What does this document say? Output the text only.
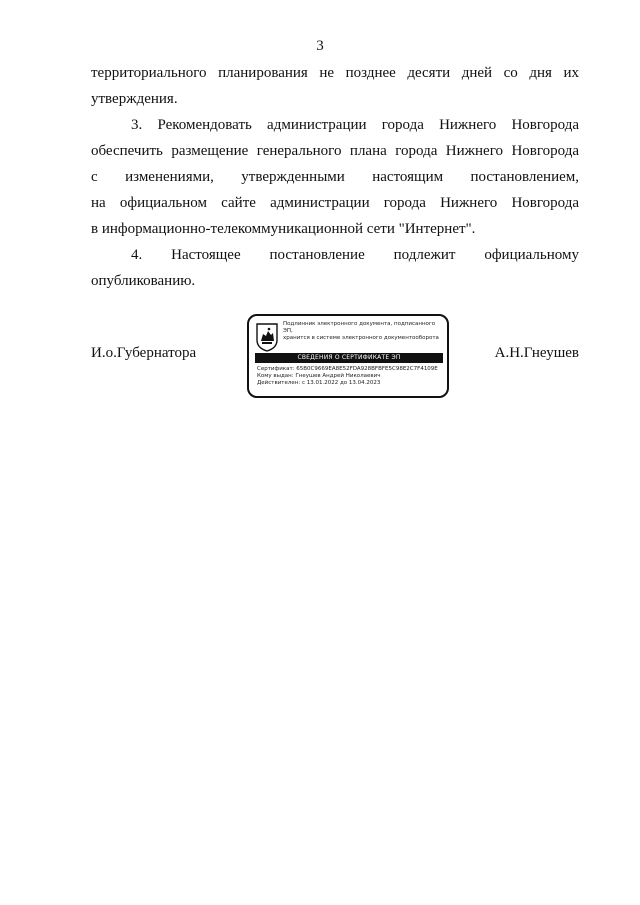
3

территориального планирования не позднее десяти дней со дня их

утверждения.

3. Рекомендовать администрации города Нижнего Новгорода

обеспечить размещение генерального плана города Нижнего Новгорода

с изменениями, утвержденными настоящим постановлением,

на официальном сайте администрации города Нижнего Новгорода

в информационно-телекоммуникационной сети "Интернет".

4. Настоящее постановление подлежит официальному

опубликованию.

И.о.Губернатора	А.Н.Гнеушев
Подлинник электронного документа, подписанного ЭП,
хранится в системе электронного документооборота
СВЕДЕНИЯ О СЕРТИФИКАТЕ ЭП
Сертификат: 65B0C9669EA8E52FDA928BFBFE5C98E2C7F4109E
Кому выдан: Гнеушев Андрей Николаевич
Действителен: с 13.01.2022 до 13.04.2023
